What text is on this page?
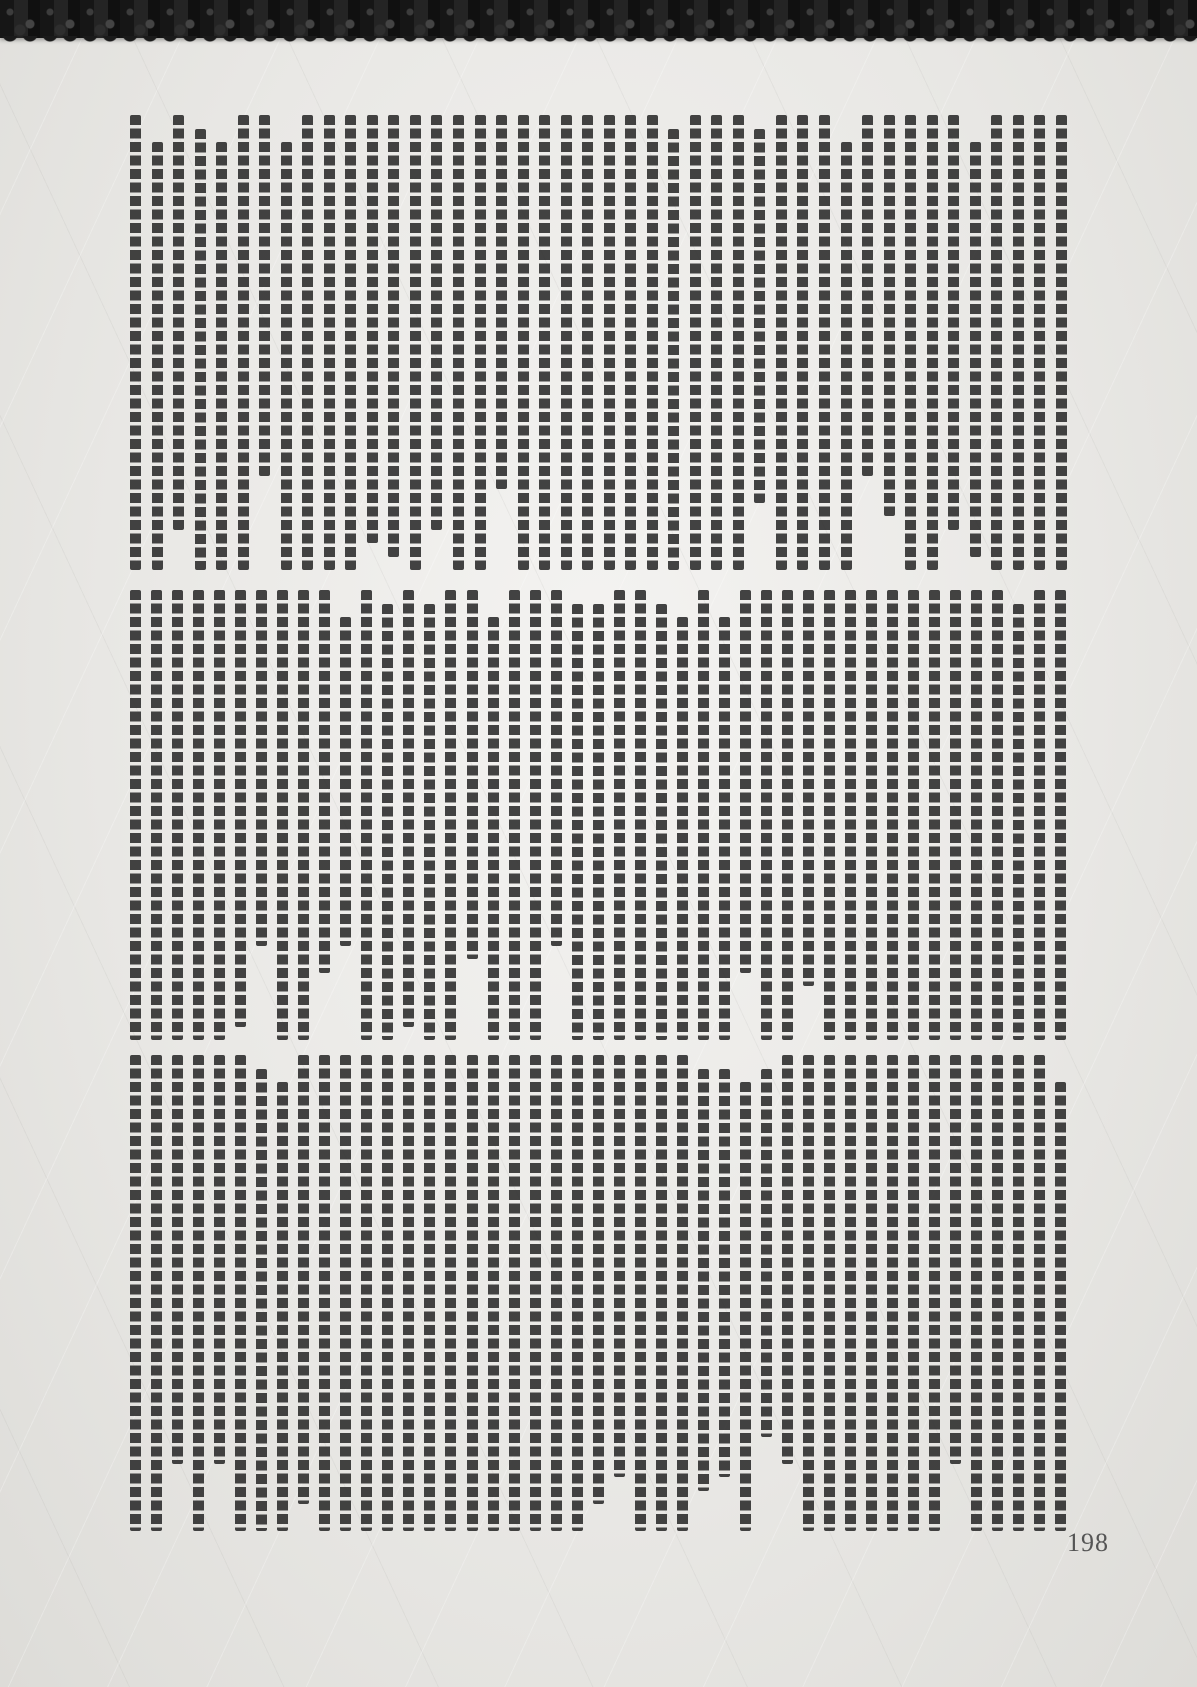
198
